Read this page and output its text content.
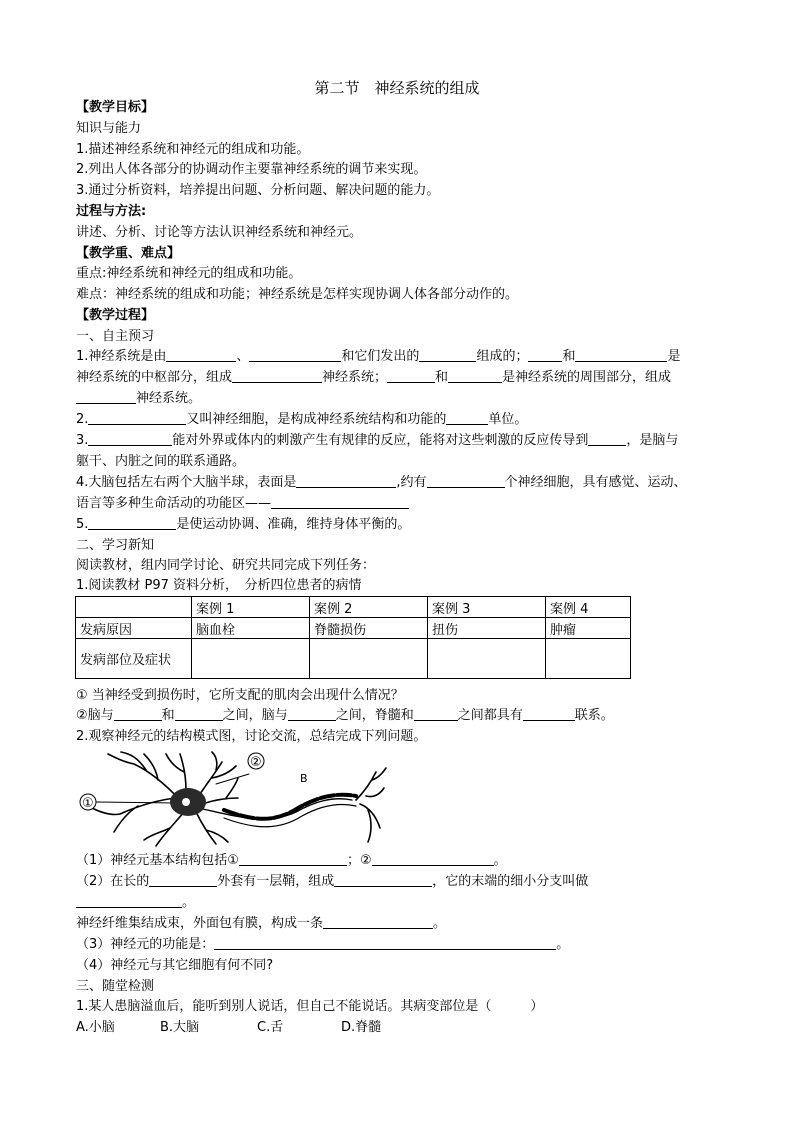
第二节　神经系统的组成
【教学目标】
知识与能力
1.描述神经系统和神经元的组成和功能。
2.列出人体各部分的协调动作主要靠神经系统的调节来实现。
3.通过分析资料，培养提出问题、分析问题、解决问题的能力。
过程与方法:
讲述、分析、讨论等方法认识神经系统和神经元。
【教学重、难点】
重点:神经系统和神经元的组成和功能。
难点：神经系统的组成和功能；神经系统是怎样实现协调人体各部分动作的。
【教学过程】
一、自主预习
1.神经系统是由	、	和它们发出的	组成的；	和	是
神经系统的中枢部分，组成	神经系统；	和	是神经系统的周围部分，组成
神经系统。
2.	又叫神经细胞，是构成神经系统结构和功能的	单位。
3.	能对外界或体内的刺激产生有规律的反应，能将对这些刺激的反应传导到	，是脑与
躯干、内脏之间的联系通路。
4.大脑包括左右两个大脑半球，表面是	,约有	个神经细胞，具有感觉、运动、
语言等多种生命活动的功能区——
5.	是使运动协调、准确，维持身体平衡的。
二、学习新知
阅读教材，组内同学讨论、研究共同完成下列任务：
1.阅读教材 P97 资料分析，　分析四位患者的病情
	案例 1	案例 2	案例 3	案例 4
发病原因	脑血栓	脊髓损伤	扭伤	肿瘤
发病部位及症状				
① 当神经受到损伤时，它所支配的肌肉会出现什么情况？
②脑与	和	之间，脑与	之间，脊髓和	之间都具有	联系。
2.观察神经元的结构模式图，讨论交流，总结完成下列问题。
②
B
①
（1）神经元基本结构包括①	；②	。
（2）在长的	外套有一层鞘，组成	，它的末端的细小分支叫做
。
神经纤维集结成束，外面包有膜，构成一条	。
（3）神经元的功能是：	。
（4）神经元与其它细胞有何不同?
三、随堂检测
1.某人患脑溢血后，能听到别人说话，但自己不能说话。其病变部位是（　　　）
A.小脑	B.大脑	C.舌	D.脊髓
